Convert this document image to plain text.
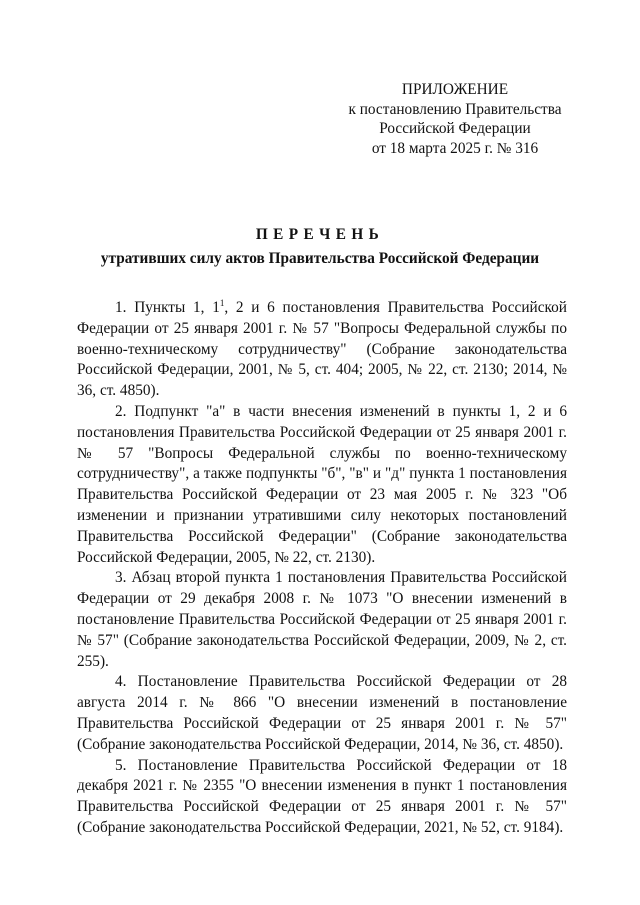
ПРИЛОЖЕНИЕ
к постановлению Правительства
Российской Федерации
от 18 марта 2025 г. № 316
ПЕРЕЧЕНЬ
утративших силу актов Правительства Российской Федерации

1. Пункты 1, $1^1$, 2 и 6 постановления Правительства Российской Федерации от 25 января 2001 г. № 57 "Вопросы Федеральной службы по военно-техническому сотрудничеству" (Собрание законодательства Российской Федерации, 2001, № 5, ст. 404; 2005, № 22, ст. 2130; 2014, № 36, ст. 4850).

2. Подпункт "а" в части внесения изменений в пункты 1, 2 и 6 постановления Правительства Российской Федерации от 25 января 2001 г. № 57 "Вопросы Федеральной службы по военно-техническому сотрудничеству", а также подпункты "б", "в" и "д" пункта 1 постановления Правительства Российской Федерации от 23 мая 2005 г. № 323 "Об изменении и признании утратившими силу некоторых постановлений Правительства Российской Федерации" (Собрание законодательства Российской Федерации, 2005, № 22, ст. 2130).

3. Абзац второй пункта 1 постановления Правительства Российской Федерации от 29 декабря 2008 г. № 1073 "О внесении изменений в постановление Правительства Российской Федерации от 25 января 2001 г. № 57" (Собрание законодательства Российской Федерации, 2009, № 2, ст. 255).

4. Постановление Правительства Российской Федерации от 28 августа 2014 г. № 866 "О внесении изменений в постановление Правительства Российской Федерации от 25 января 2001 г. № 57" (Собрание законодательства Российской Федерации, 2014, № 36, ст. 4850).

5. Постановление Правительства Российской Федерации от 18 декабря 2021 г. № 2355 "О внесении изменения в пункт 1 постановления Правительства Российской Федерации от 25 января 2001 г. № 57" (Собрание законодательства Российской Федерации, 2021, № 52, ст. 9184).
